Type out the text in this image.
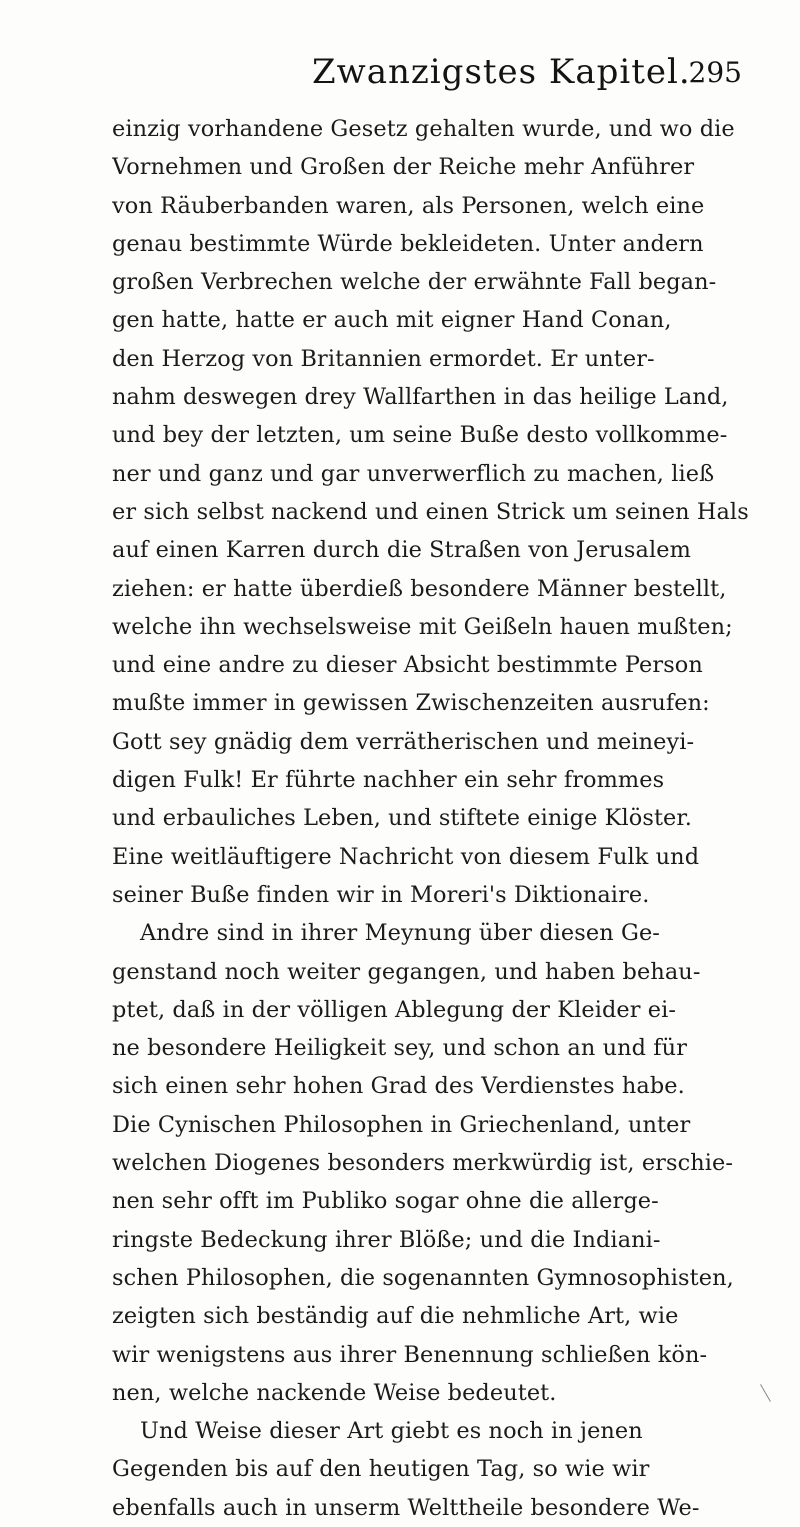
Zwanzigstes Kapitel.
295
einzig vorhandene Gesetz gehalten wurde, und wo die
Vornehmen und Großen der Reiche mehr Anführer
von Räuberbanden waren, als Personen, welch eine
genau bestimmte Würde bekleideten. Unter andern
großen Verbrechen welche der erwähnte Fall began-
gen hatte, hatte er auch mit eigner Hand Conan,
den Herzog von Britannien ermordet. Er unter-
nahm deswegen drey Wallfarthen in das heilige Land,
und bey der letzten, um seine Buße desto vollkomme-
ner und ganz und gar unverwerflich zu machen, ließ
er sich selbst nackend und einen Strick um seinen Hals
auf einen Karren durch die Straßen von Jerusalem
ziehen: er hatte überdieß besondere Männer bestellt,
welche ihn wechselsweise mit Geißeln hauen mußten;
und eine andre zu dieser Absicht bestimmte Person
mußte immer in gewissen Zwischenzeiten ausrufen:
Gott sey gnädig dem verrätherischen und meineyi-
digen Fulk! Er führte nachher ein sehr frommes
und erbauliches Leben, und stiftete einige Klöster.
Eine weitläuftigere Nachricht von diesem Fulk und
seiner Buße finden wir in Moreri's Diktionaire.
Andre sind in ihrer Meynung über diesen Ge-
genstand noch weiter gegangen, und haben behau-
ptet, daß in der völligen Ablegung der Kleider ei-
ne besondere Heiligkeit sey, und schon an und für
sich einen sehr hohen Grad des Verdienstes habe.
Die Cynischen Philosophen in Griechenland, unter
welchen Diogenes besonders merkwürdig ist, erschie-
nen sehr offt im Publiko sogar ohne die allerge-
ringste Bedeckung ihrer Blöße; und die Indiani-
schen Philosophen, die sogenannten Gymnosophisten,
zeigten sich beständig auf die nehmliche Art, wie
wir wenigstens aus ihrer Benennung schließen kön-
nen, welche nackende Weise bedeutet.
Und Weise dieser Art giebt es noch in jenen
Gegenden bis auf den heutigen Tag, so wie wir
ebenfalls auch in unserm Welttheile besondere We-
